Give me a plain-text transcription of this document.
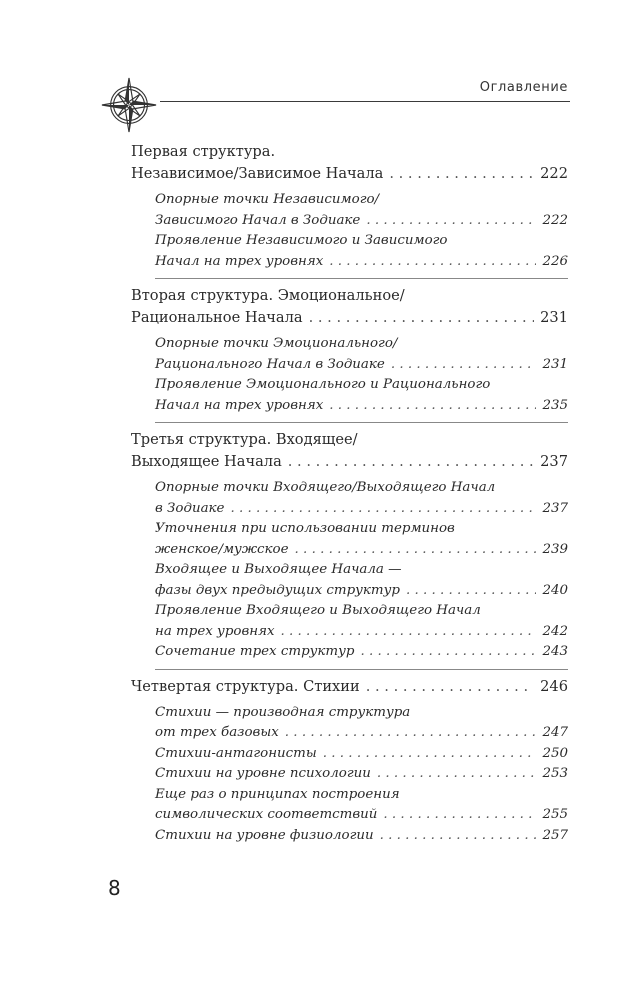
Оглавление
Первая структура.
Независимое/Зависимое Начала . . .	222
Опорные точки Независимого/
Зависимого Начал в Зодиаке . . .	222
Проявление Независимого и Зависимого
Начал на трех уровнях . . .	226
Вторая структура. Эмоциональное/
Рациональное Начала . . .	231
Опорные точки Эмоционального/
Рационального Начал в Зодиаке . . .	231
Проявление Эмоционального и Рационального
Начал на трех уровнях . . .	235
Третья структура. Входящее/
Выходящее Начала . . .	237
Опорные точки Входящего/Выходящего Начал
в Зодиаке . . .	237
Уточнения при использовании терминов
женское/мужское . . .	239
Входящее и Выходящее Начала —
фазы двух предыдущих структур . . .	240
Проявление Входящего и Выходящего Начал
на трех уровнях . . .	242
Сочетание трех структур . . .	243
Четвертая структура. Стихии . . .	246
Стихии — производная структура
от трех базовых . . .	247
Стихии-антагонисты . . .	250
Стихии на уровне психологии . . .	253
Еще раз о принципах построения
символических соответствий . . .	255
Стихии на уровне физиологии . . .	257
8
